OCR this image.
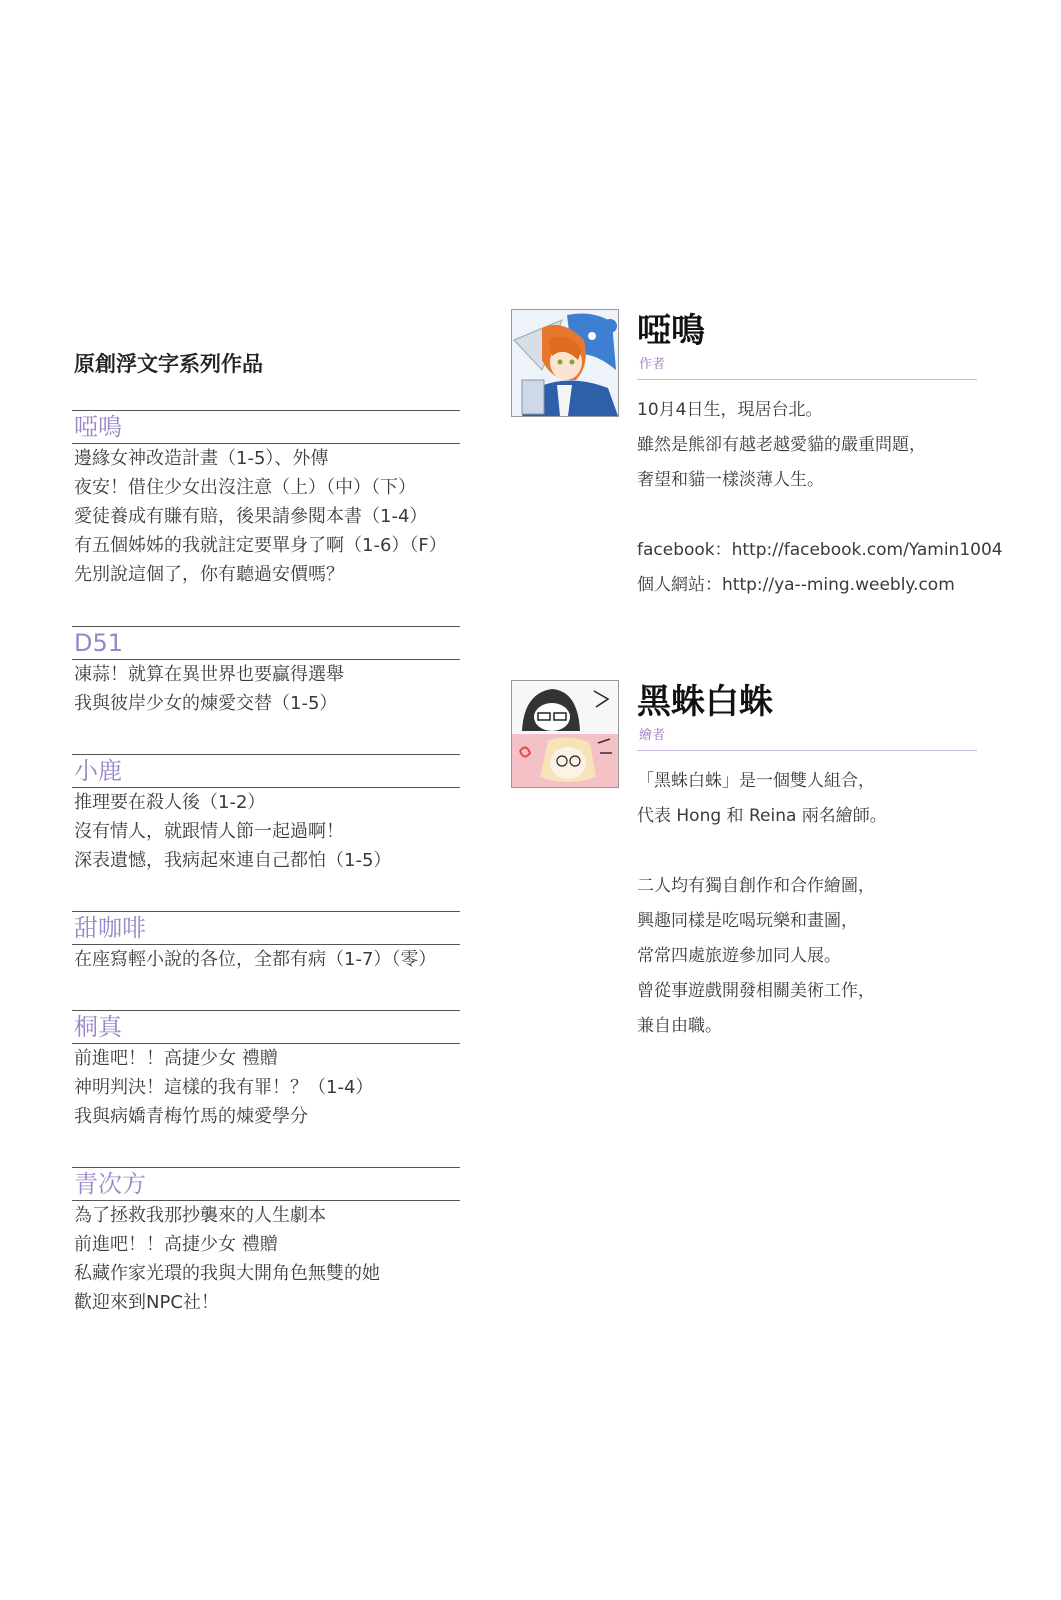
原創浮文字系列作品
啞鳴
邊緣女神改造計畫（1-5）、外傳
夜安！借住少女出沒注意（上）（中）（下）
愛徒養成有賺有賠，後果請參閱本書（1-4）
有五個姊姊的我就註定要單身了啊（1-6）（F）
先別說這個了，你有聽過安價嗎？
D51
凍蒜！就算在異世界也要贏得選舉
我與彼岸少女的煉愛交替（1-5）
小鹿
推理要在殺人後（1-2）
沒有情人，就跟情人節一起過啊！
深表遺憾，我病起來連自己都怕（1-5）
甜咖啡
在座寫輕小說的各位，全都有病（1-7）（零）
桐真
前進吧！！高捷少女 禮贈
神明判決！這樣的我有罪！？（1-4）
我與病嬌青梅竹馬的煉愛學分
青次方
為了拯救我那抄襲來的人生劇本
前進吧！！高捷少女 禮贈
私藏作家光環的我與大開角色無雙的她
歡迎來到NPC社！
啞鳴
作者

10月4日生，現居台北。

雖然是熊卻有越老越愛貓的嚴重問題，

奢望和貓一樣淡薄人生。

facebook：http://facebook.com/Yamin1004

個人網站：http://ya--ming.weebly.com

黑蛛白蛛
繪者

「黑蛛白蛛」是一個雙人組合，

代表 Hong 和 Reina 兩名繪師。

二人均有獨自創作和合作繪圖，

興趣同樣是吃喝玩樂和畫圖，

常常四處旅遊參加同人展。

曾從事遊戲開發相關美術工作，

兼自由職。
